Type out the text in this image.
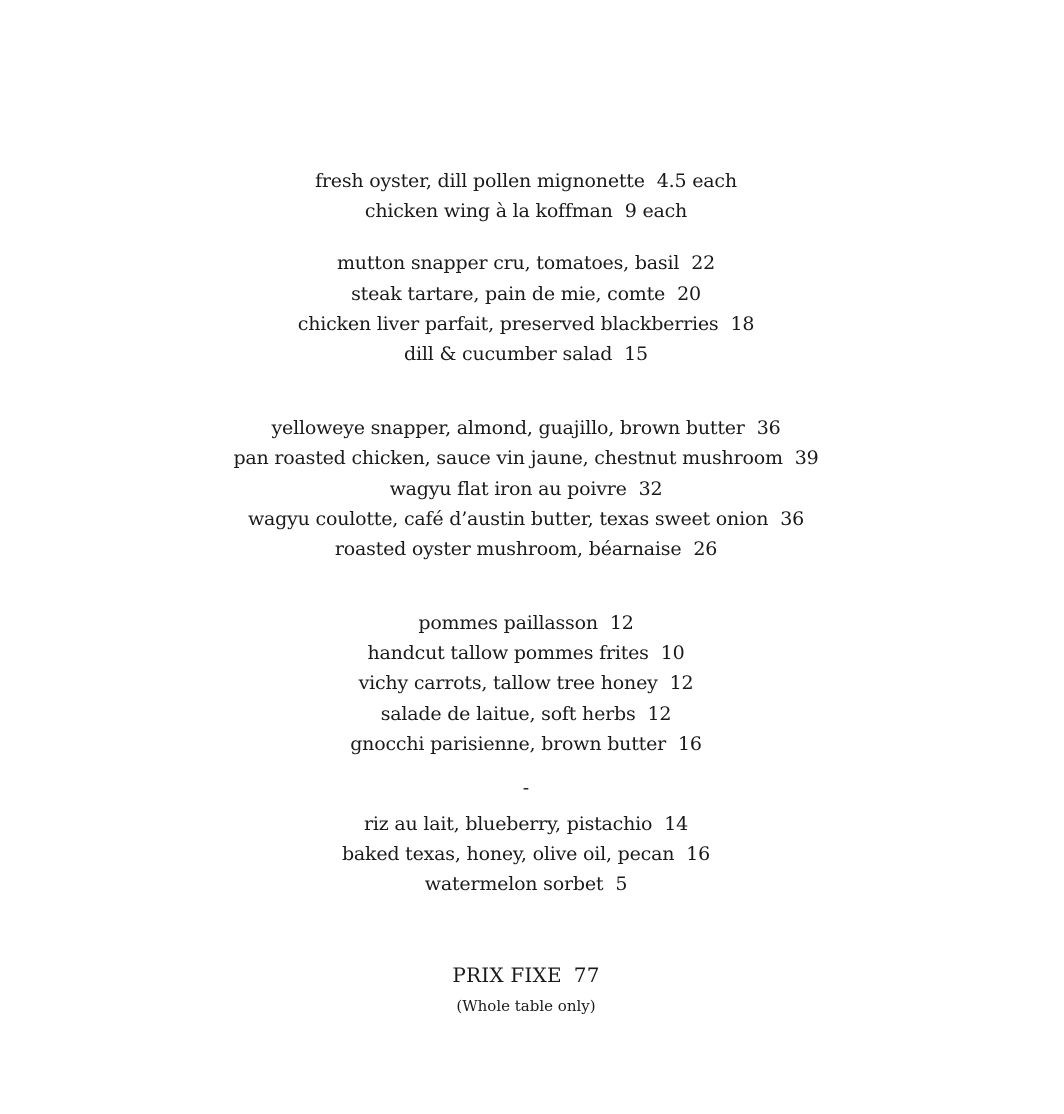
fresh oyster, dill pollen mignonette 4.5 each
chicken wing à la koffman 9 each
mutton snapper cru, tomatoes, basil 22
steak tartare, pain de mie, comte 20
chicken liver parfait, preserved blackberries 18
dill & cucumber salad 15
yelloweye snapper, almond, guajillo, brown butter 36
pan roasted chicken, sauce vin jaune, chestnut mushroom 39
wagyu flat iron au poivre 32
wagyu coulotte, café d’austin butter, texas sweet onion 36
roasted oyster mushroom, béarnaise 26
pommes paillasson 12
handcut tallow pommes frites 10
vichy carrots, tallow tree honey 12
salade de laitue, soft herbs 12
gnocchi parisienne, brown butter 16
-
riz au lait, blueberry, pistachio 14
baked texas, honey, olive oil, pecan 16
watermelon sorbet 5
PRIX FIXE 77
(Whole table only)
